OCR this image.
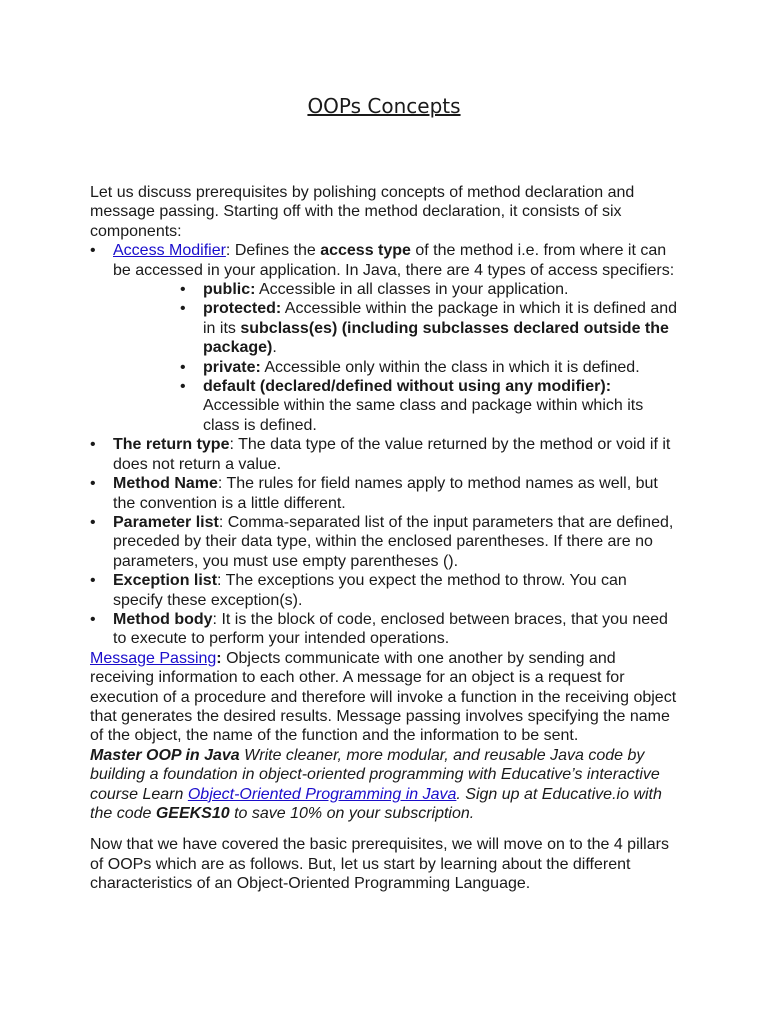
OOPs Concepts

Let us discuss prerequisites by polishing concepts of method declaration and message passing. Starting off with the method declaration, it consists of six components:

• Access Modifier: Defines the access type of the method i.e. from where it can be accessed in your application. In Java, there are 4 types of access specifiers:
• public: Accessible in all classes in your application.
• protected: Accessible within the package in which it is defined and in its subclass(es) (including subclasses declared outside the package).
• private: Accessible only within the class in which it is defined.
• default (declared/defined without using any modifier): Accessible within the same class and package within which its class is defined.
• The return type: The data type of the value returned by the method or void if it does not return a value.
• Method Name: The rules for field names apply to method names as well, but the convention is a little different.
• Parameter list: Comma-separated list of the input parameters that are defined, preceded by their data type, within the enclosed parentheses. If there are no parameters, you must use empty parentheses ().
• Exception list: The exceptions you expect the method to throw. You can specify these exception(s).
• Method body: It is the block of code, enclosed between braces, that you need to execute to perform your intended operations.

Message Passing: Objects communicate with one another by sending and receiving information to each other. A message for an object is a request for execution of a procedure and therefore will invoke a function in the receiving object that generates the desired results. Message passing involves specifying the name of the object, the name of the function and the information to be sent.

Master OOP in Java Write cleaner, more modular, and reusable Java code by building a foundation in object-oriented programming with Educative’s interactive course Learn Object-Oriented Programming in Java. Sign up at Educative.io with the code GEEKS10 to save 10% on your subscription.

Now that we have covered the basic prerequisites, we will move on to the 4 pillars of OOPs which are as follows. But, let us start by learning about the different characteristics of an Object-Oriented Programming Language.
